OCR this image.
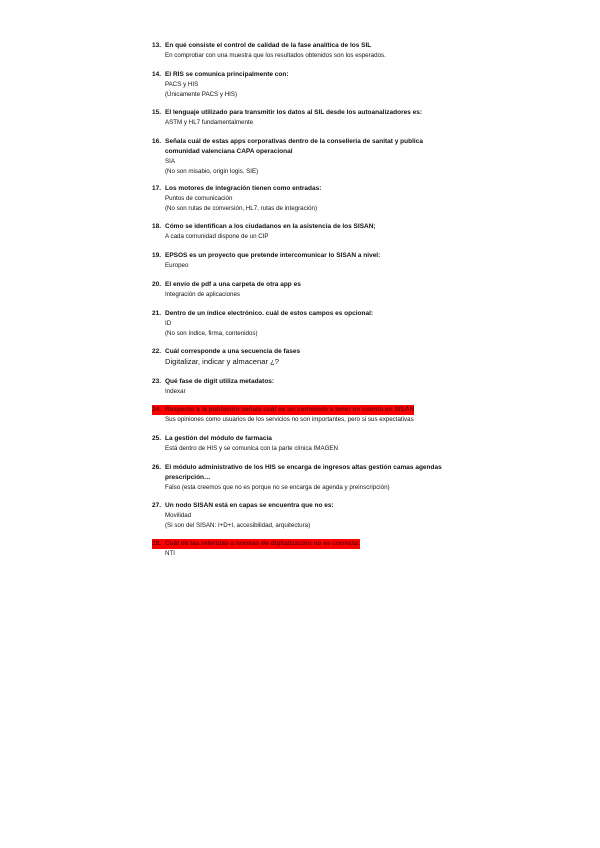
13. En qué consiste el control de calidad de la fase analítica de los SIL
En comprobar con una muestra que los resultados obtenidos son los esperados.
14. El RIS se comunica principalmente con:
PACS y HIS
(Únicamente PACS y HIS)
15. El lenguaje utilizado para transmitir los datos al SIL desde los autoanalizadores es:
ASTM y HL7 fundamentalmente
16. Señala cuál de estas apps corporativas dentro de la consellería de sanitat y publica
comunidad valenciana CAPA operacional
SIA
(No son misabio, origin logis, SIE)
17. Los motores de integración tienen como entradas:
Puntos de comunicación
(No son rutas de conversión, HL7, rutas de integración)
18. Cómo se identifican a los ciudadanos en la asistencia de los SISAN;
A cada comunidad dispone de un CIP
19. EPSOS es un proyecto que pretende intercomunicar lo SISAN a nivel:
Europeo
20. El envío de pdf a una carpeta de otra app es
Integración de aplicaciones
21. Dentro de un índice electrónico. cuál de estos campos es opcional:
ID
(No son índice, firma, contenidos)
22. Cuál corresponde a una secuencia de fases
Digitalizar, indicar y almacenar ¿?
23. Qué fase de digit utiliza metadatos:
Indexar
24. Respecto a la población señala cuál es un contenido a tener en cuenta en SISAN
Sus opiniones como usuarios de los servicios no son importantes, pero si sus expectativas
25. La gestión del módulo de farmacia
Está dentro de HIS y se comunica con la parte clínica IMAGEN
26. El módulo administrativo de los HIS se encarga de ingresos altas gestión camas agendas
prescripción…
Falso (esta creemos que no es porque no se encarga de agenda y preinscripción)
27. Un nodo SISAN está en capas se encuentra que no es:
Movilidad
(Si son del SISAN: I+D+I, accesibilidad, arquitectura)
28. Cuál de las referidas a normas de digitalización no es correcta:
NTI
